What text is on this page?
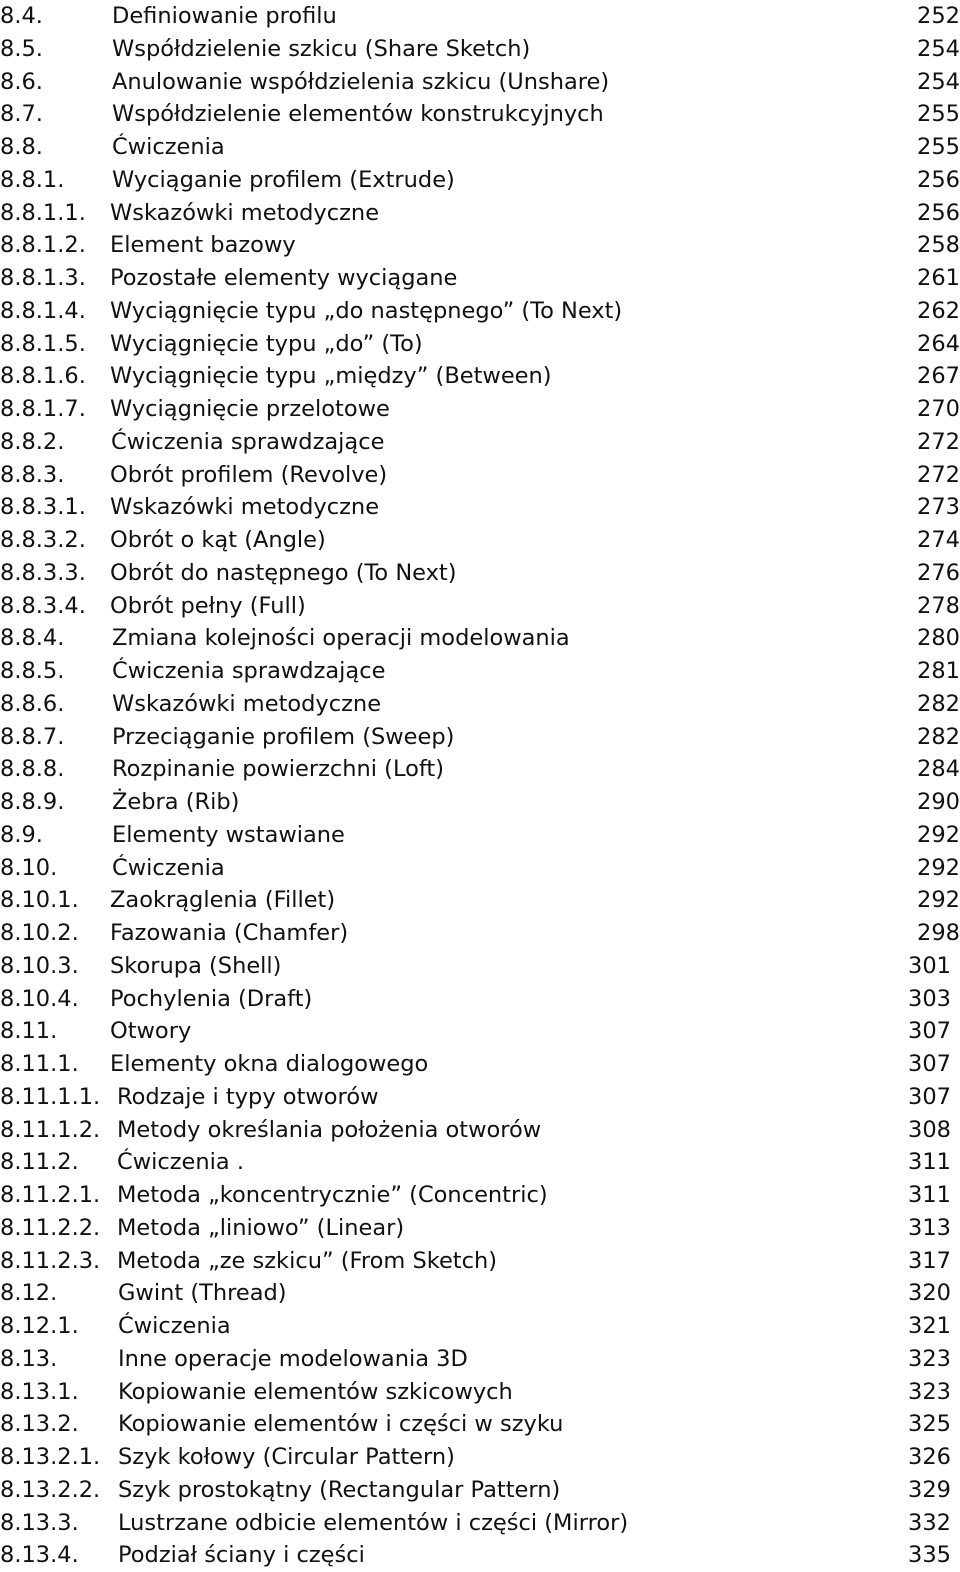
8.4.	Definiowanie profilu	252
8.5.	Współdzielenie szkicu (Share Sketch)	254
8.6.	Anulowanie współdzielenia szkicu (Unshare)	254
8.7.	Współdzielenie elementów konstrukcyjnych	255
8.8.	Ćwiczenia	255
8.8.1. Wyciąganie profilem (Extrude)	256
8.8.1.1. Wskazówki metodyczne	256
8.8.1.2. Element bazowy	258
8.8.1.3. Pozostałe elementy wyciągane	261
8.8.1.4. Wyciągnięcie typu „do następnego” (To Next)	262
8.8.1.5. Wyciągnięcie typu „do” (To)	264
8.8.1.6. Wyciągnięcie typu „między” (Between)	267
8.8.1.7. Wyciągnięcie przelotowe	270
8.8.2. Ćwiczenia sprawdzające	272
8.8.3. Obrót profilem (Revolve)	272
8.8.3.1. Wskazówki metodyczne	273
8.8.3.2. Obrót o kąt (Angle)	274
8.8.3.3. Obrót do następnego (To Next)	276
8.8.3.4. Obrót pełny (Full)	278
8.8.4. Zmiana kolejności operacji modelowania	280
8.8.5. Ćwiczenia sprawdzające	281
8.8.6. Wskazówki metodyczne	282
8.8.7. Przeciąganie profilem (Sweep)	282
8.8.8. Rozpinanie powierzchni (Loft)	284
8.8.9. Żebra (Rib)	290
8.9.	Elementy wstawiane	292
8.10. Ćwiczenia	292
8.10.1. Zaokrąglenia (Fillet)	292
8.10.2. Fazowania (Chamfer)	298
8.10.3. Skorupa (Shell)	301
8.10.4. Pochylenia (Draft)	303
8.11. Otwory	307
8.11.1. Elementy okna dialogowego	307
8.11.1.1. Rodzaje i typy otworów	307
8.11.1.2. Metody określania położenia otworów	308
8.11.2. Ćwiczenia .	311
8.11.2.1. Metoda „koncentrycznie” (Concentric)	311
8.11.2.2. Metoda „liniowo” (Linear)	313
8.11.2.3. Metoda „ze szkicu” (From Sketch)	317
8.12.	Gwint (Thread)	320
8.12.1. Ćwiczenia	321
8.13.	Inne operacje modelowania 3D	323
8.13.1. Kopiowanie elementów szkicowych	323
8.13.2. Kopiowanie elementów i części w szyku	325
8.13.2.1. Szyk kołowy (Circular Pattern)	326
8.13.2.2. Szyk prostokątny (Rectangular Pattern)	329
8.13.3. Lustrzane odbicie elementów i części (Mirror)	332
8.13.4. Podział ściany i części	335
